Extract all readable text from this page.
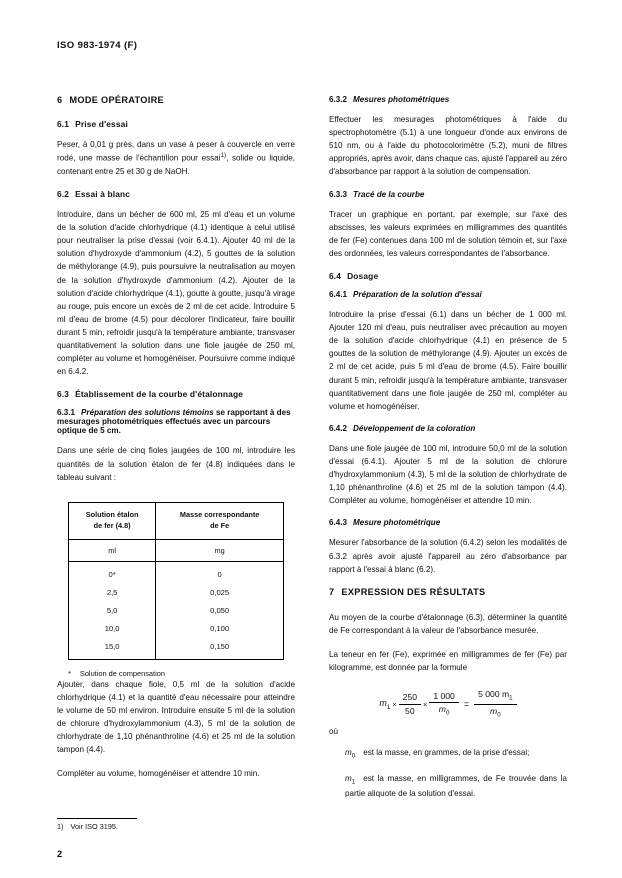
ISO 983-1974 (F)
6 MODE OPÉRATOIRE
6.1 Prise d'essai

Peser, à 0,01 g près, dans un vase à peser à couvercle en verre rodé, une masse de l'échantillon pour essai$^{1)}$, solide ou liquide, contenant entre 25 et 30 g de NaOH.

6.2 Essai à blanc

Introduire, dans un bécher de 600 ml, 25 ml d'eau et un volume de la solution d'acide chlorhydrique (4.1) identique à celui utilisé pour neutraliser la prise d'essai (voir 6.4.1). Ajouter 40 ml de la solution d'hydroxyde d'ammonium (4.2), 5 gouttes de la solution de méthylorange (4.9), puis poursuivre la neutralisation au moyen de la solution d'hydroxyde d'ammonium (4.2). Ajouter de la solution d'acide chlorhydrique (4.1), goutte à goutte, jusqu'à virage au rouge, puis encore un excès de 2 ml de cet acide. Introduire 5 ml d'eau de brome (4.5) pour décolorer l'indicateur, faire bouillir durant 5 min, refroidir jusqu'à la température ambiante, transvaser quantitativement la solution dans une fiole jaugée de 250 ml, compléter au volume et homogénéiser. Poursuivre comme indiqué en 6.4.2.

6.3 Établissement de la courbe d'étalonnage
6.3.1 Préparation des solutions témoins se rapportant à des mesurages photométriques effectués avec un parcours optique de 5 cm.

Dans une série de cinq fioles jaugées de 100 ml, introduire les quantités de la solution étalon de fer (4.8) indiquées dans le tableau suivant :

Solution étalon
de fer (4.8)	Masse correspondante
de Fe
ml	mg
0*	0
2,5	0,025
5,0	0,050
10,0	0,100
15,0	0,150
* Solution de compensation

Ajouter, dans chaque fiole, 0,5 ml de la solution d'acide chlorhydrique (4.1) et la quantité d'eau nécessaire pour atteindre le volume de 50 ml environ. Introduire ensuite 5 ml de la solution de chlorure d'hydroxylammonium (4.3), 5 ml de la solution de chlorhydrate de 1,10 phénanthroline (4.6) et 25 ml de la solution tampon (4.4).

Compléter au volume, homogénéiser et attendre 10 min.

6.3.2 Mesures photométriques

Effectuer les mesurages photométriques à l'aide du spectrophotomètre (5.1) à une longueur d'onde aux environs de 510 nm, ou à l'aide du photocolorimètre (5.2), muni de filtres appropriés, après avoir, dans chaque cas, ajusté l'appareil au zéro d'absorbance par rapport à la solution de compensation.

6.3.3 Tracé de la courbe

Tracer un graphique en portant, par exemple, sur l'axe des abscisses, les valeurs exprimées en milligrammes des quantités de fer (Fe) contenues dans 100 ml de solution témoin et, sur l'axe des ordonnées, les valeurs correspondantes de l'absorbance.

6.4 Dosage
6.4.1 Préparation de la solution d'essai

Introduire la prise d'essai (6.1) dans un bécher de 1 000 ml. Ajouter 120 ml d'eau, puis neutraliser avec précaution au moyen de la solution d'acide chlorhydrique (4.1) en présence de 5 gouttes de la solution de méthylorange (4.9). Ajouter un excès de 2 ml de cet acide, puis 5 ml d'eau de brome (4.5). Faire bouillir durant 5 min, refroidir jusqu'à la température ambiante, transvaser quantitativement dans une fiole jaugée de 250 ml, compléter au volume et homogénéiser.

6.4.2 Développement de la coloration

Dans une fiole jaugée de 100 ml, introduire 50,0 ml de la solution d'essai (6.4.1). Ajouter 5 ml de la solution de chlorure d'hydroxylammonium (4.3), 5 ml de la solution de chlorhydrate de 1,10 phénanthroline (4.6) et 25 ml de la solution tampon (4.4). Compléter au volume, homogénéiser et attendre 10 min.

6.4.3 Mesure photométrique

Mesurer l'absorbance de la solution (6.4.2) selon les modalités de 6.3.2 après avoir ajusté l'appareil au zéro d'absorbance par rapport à l'essai à blanc (6.2).

7 EXPRESSION DES RÉSULTATS

Au moyen de la courbe d'étalonnage (6.3), déterminer la quantité de Fe correspondant à la valeur de l'absorbance mesurée.

La teneur en fer (Fe), exprimée en milligrammes de fer (Fe) par kilogramme, est donnée par la formule

$m_1 \times \frac{250}{50} \times \frac{1 000}{m_0} = \frac{5 000 m_1}{m_0}$
où

$m_0$ est la masse, en grammes, de la prise d'essai;

$m_1$ est la masse, en milligrammes, de Fe trouvée dans la partie aliquote de la solution d'essai.

1) Voir ISO 3195.
2
